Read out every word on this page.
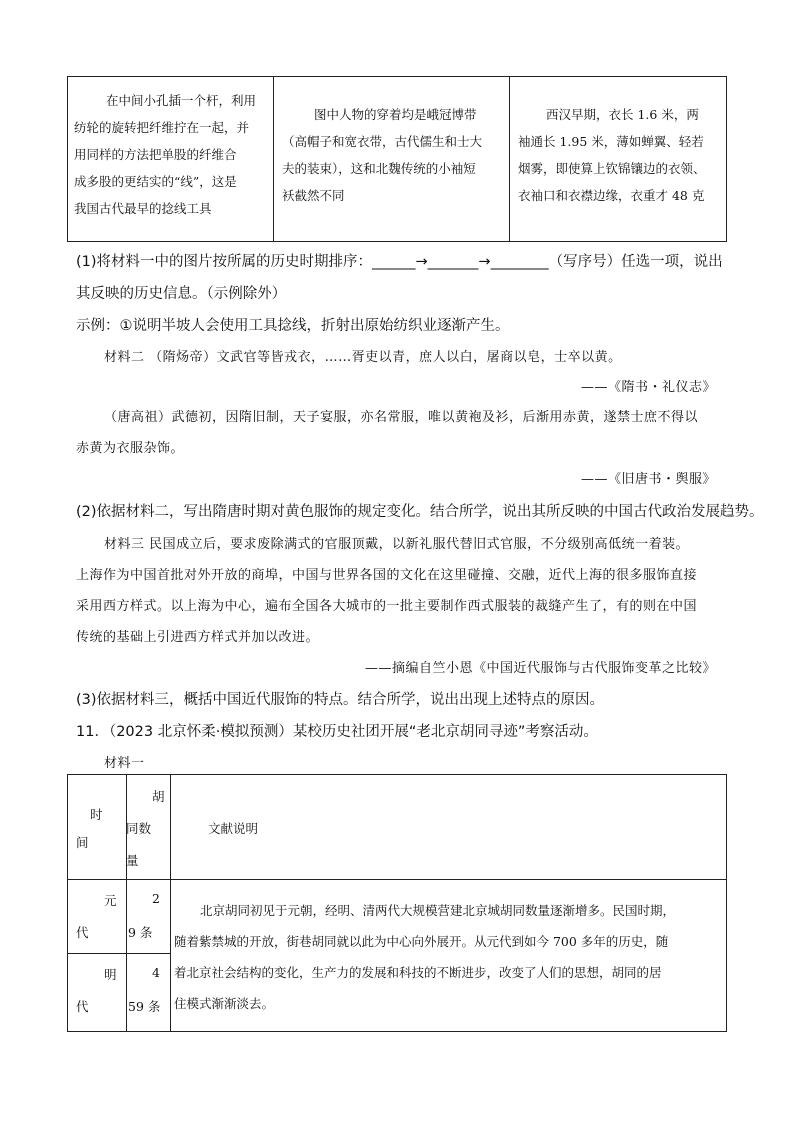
在中间小孔插一个杆，利用
纺轮的旋转把纤维拧在一起，并
用同样的方法把单股的纤维合
成多股的更结实的“线”，这是
我国古代最早的捻线工具
图中人物的穿着均是峨冠博带
（高帽子和宽衣带，古代儒生和士大
夫的装束），这和北魏传统的小袖短
袄截然不同
西汉早期，衣长 1.6 米，两
袖通长 1.95 米，薄如蝉翼、轻若
烟雾，即使算上钦锦镶边的衣领、
衣袖口和衣襟边缘，衣重才 48 克
(1)将材料一中的图片按所属的历史时期排序：______→_______→________（写序号）任选一项，说出
其反映的历史信息。（示例除外）
示例：①说明半坡人会使用工具捻线，折射出原始纺织业逐渐产生。
材料二 （隋炀帝）文武官等皆戎衣，……胥吏以青，庶人以白，屠商以皂，士卒以黄。
——《隋书・礼仪志》
（唐高祖）武德初，因隋旧制，天子宴服，亦名常服，唯以黄袍及衫，后渐用赤黄，遂禁士庶不得以
赤黄为衣服杂饰。
——《旧唐书・舆服》
(2)依据材料二，写出隋唐时期对黄色服饰的规定变化。结合所学，说出其所反映的中国古代政治发展趋势。
材料三 民国成立后，要求废除满式的官服顶戴，以新礼服代替旧式官服，不分级别高低统一着装。
上海作为中国首批对外开放的商埠，中国与世界各国的文化在这里碰撞、交融，近代上海的很多服饰直接
采用西方样式。以上海为中心，遍布全国各大城市的一批主要制作西式服装的裁缝产生了，有的则在中国
传统的基础上引进西方样式并加以改进。
——摘编自竺小恩《中国近代服饰与古代服饰变革之比较》
(3)依据材料三，概括中国近代服饰的特点。结合所学，说出出现上述特点的原因。
11．（2023 北京怀柔·模拟预测）某校历史社团开展“老北京胡同寻迹”考察活动。
材料一
时
间
胡
同数
量
文献说明
元
代
2
9 条
明
代
4
59 条
北京胡同初见于元朝，经明、清两代大规模营建北京城胡同数量逐渐增多。民国时期，
随着紫禁城的开放，街巷胡同就以此为中心向外展开。从元代到如今 700 多年的历史，随
着北京社会结构的变化，生产力的发展和科技的不断进步，改变了人们的思想，胡同的居
住模式渐渐淡去。
